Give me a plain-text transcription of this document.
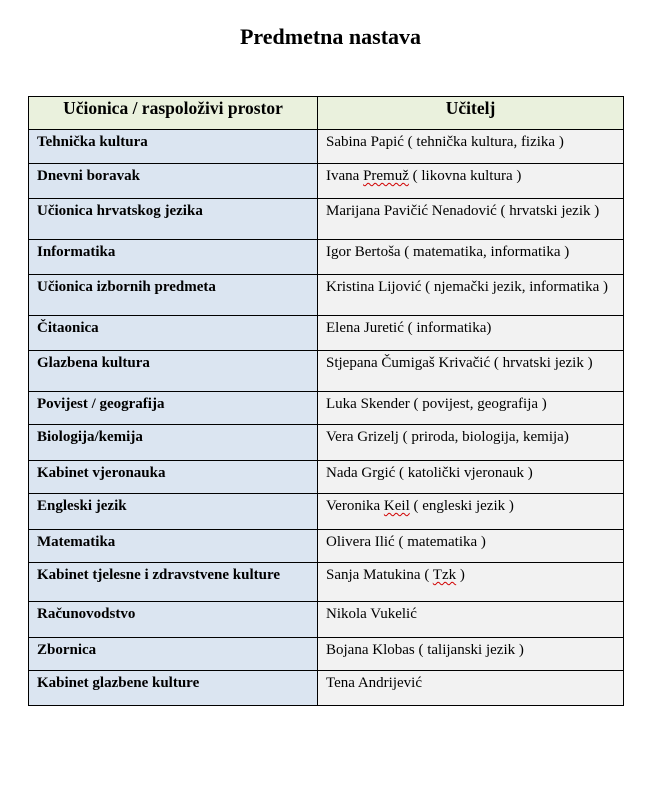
Predmetna nastava
Učionica / raspoloživi prostor	Učitelj
Tehnička kultura	Sabina Papić ( tehnička kultura, fizika )
Dnevni boravak	Ivana Premuž ( likovna kultura )
Učionica hrvatskog jezika	Marijana Pavičić Nenadović ( hrvatski jezik )
Informatika	Igor Bertoša ( matematika, informatika )
Učionica izbornih predmeta	Kristina Lijović ( njemački jezik, informatika )
Čitaonica	Elena Juretić ( informatika)
Glazbena kultura	Stjepana Čumigaš Krivačić ( hrvatski jezik )
Povijest / geografija	Luka Skender ( povijest, geografija )
Biologija/kemija	Vera Grizelj ( priroda, biologija, kemija)
Kabinet vjeronauka	Nada Grgić ( katolički vjeronauk )
Engleski jezik	Veronika Keil ( engleski jezik )
Matematika	Olivera Ilić ( matematika )
Kabinet tjelesne i zdravstvene kulture	Sanja Matukina ( Tzk )
Računovodstvo	Nikola Vukelić
Zbornica	Bojana Klobas ( talijanski jezik )
Kabinet glazbene kulture	Tena Andrijević
